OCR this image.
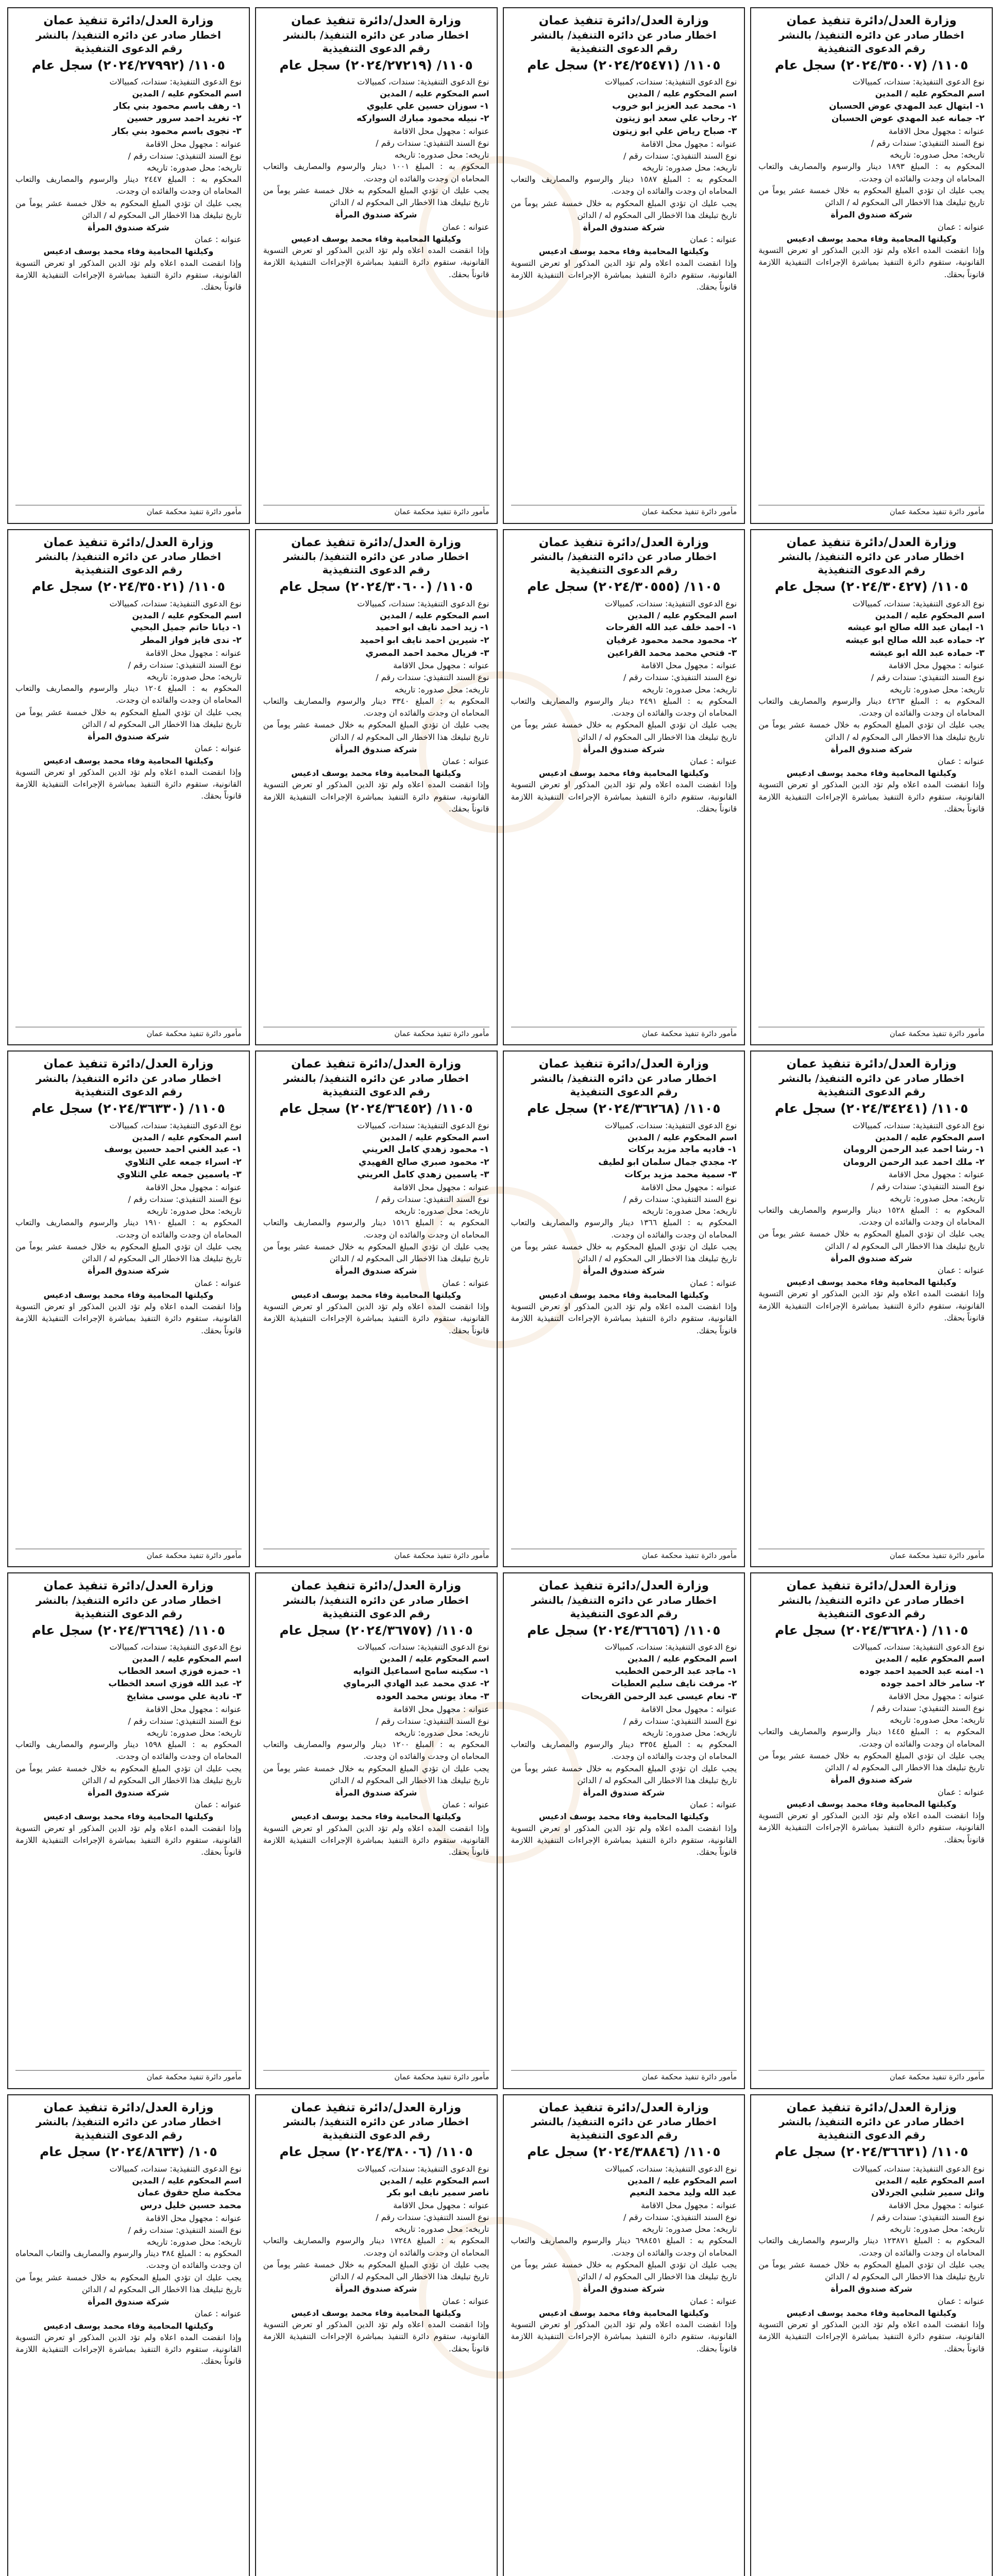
وزارة العدل/دائرة تنفيذ عمان
اخطار صادر عن دائره التنفيذ/ بالنشر
رقم الدعوى التنفيذية
١١٠٥/ (٢٠٢٤/٣٥٠٠٧) سجل عام
نوع الدعوى التنفيذية: سندات، كمبيالات
اسم المحكوم عليه / المدين
١- ابتهال عبد المهدي عوض الحسبان
٢- جمانه عبد المهدي عوض الحسبان
عنوانه : مجهول محل الاقامة
نوع السند التنفيذي: سندات رقم /
تاريخه: محل صدوره: تاريخه
المحكوم به : المبلغ ١٨٩٣ دينار والرسوم والمصاريف والتعاب المحاماه ان وجدت والفائده ان وجدت.
يجب عليك ان تؤدي المبلغ المحكوم به خلال خمسة عشر يوماً من تاريخ تبليغك هذا الاخطار الى المحكوم له / الدائن
شركة صندوق المرأة
عنوانه : عمان
وكيلتها المحامية وفاء محمد يوسف ادعيس
وإذا انقضت المده اعلاه ولم تؤد الدين المذكور او تعرض التسوية القانونية، ستقوم دائرة التنفيذ بمباشرة الإجراءات التنفيذية اللازمة قانوناً بحقك.
مأمور دائرة تنفيذ محكمة عمان
وزارة العدل/دائرة تنفيذ عمان
اخطار صادر عن دائره التنفيذ/ بالنشر
رقم الدعوى التنفيذية
١١٠٥/ (٢٠٢٤/٢٥٤٧١) سجل عام
نوع الدعوى التنفيذية: سندات، كمبيالات
اسم المحكوم عليه / المدين
١- محمد عبد العزيز ابو خروب
٢- رحاب علي سعد ابو زيتون
٣- صباح رياض علي ابو زيتون
عنوانه : مجهول محل الاقامة
نوع السند التنفيذي: سندات رقم /
تاريخه: محل صدوره: تاريخه
المحكوم به : المبلغ ١٥٨٧ دينار والرسوم والمصاريف والتعاب المحاماه ان وجدت والفائده ان وجدت.
يجب عليك ان تؤدي المبلغ المحكوم به خلال خمسة عشر يوماً من تاريخ تبليغك هذا الاخطار الى المحكوم له / الدائن
شركة صندوق المرأة
عنوانه : عمان
وكيلتها المحامية وفاء محمد يوسف ادعيس
وإذا انقضت المده اعلاه ولم تؤد الدين المذكور او تعرض التسوية القانونية، ستقوم دائرة التنفيذ بمباشرة الإجراءات التنفيذية اللازمة قانوناً بحقك.
مأمور دائرة تنفيذ محكمة عمان
وزارة العدل/دائرة تنفيذ عمان
اخطار صادر عن دائره التنفيذ/ بالنشر
رقم الدعوى التنفيذية
١١٠٥/ (٢٠٢٤/٢٧٢١٩) سجل عام
نوع الدعوى التنفيذية: سندات، كمبيالات
اسم المحكوم عليه / المدين
١- سوزان حسين علي عليوي
٢- نبيله محمود مبارك السواركه
عنوانه : مجهول محل الاقامة
نوع السند التنفيذي: سندات رقم /
تاريخه: محل صدوره: تاريخه
المحكوم به : المبلغ ١٠٠١ دينار والرسوم والمصاريف والتعاب المحاماه ان وجدت والفائده ان وجدت.
يجب عليك ان تؤدي المبلغ المحكوم به خلال خمسة عشر يوماً من تاريخ تبليغك هذا الاخطار الى المحكوم له / الدائن
شركة صندوق المرأة
عنوانه : عمان
وكيلتها المحامية وفاء محمد يوسف ادعيس
وإذا انقضت المده اعلاه ولم تؤد الدين المذكور او تعرض التسوية القانونية، ستقوم دائرة التنفيذ بمباشرة الإجراءات التنفيذية اللازمة قانوناً بحقك.
مأمور دائرة تنفيذ محكمة عمان
وزارة العدل/دائرة تنفيذ عمان
اخطار صادر عن دائره التنفيذ/ بالنشر
رقم الدعوى التنفيذية
١١٠٥/ (٢٠٢٤/٢٧٩٩٢) سجل عام
نوع الدعوى التنفيذية: سندات، كمبيالات
اسم المحكوم عليه / المدين
١- رهف باسم محمود بني بكار
٢- تغريد احمد سرور حسين
٣- نجوى باسم محمود بني بكار
عنوانه : مجهول محل الاقامة
نوع السند التنفيذي: سندات رقم /
تاريخه: محل صدوره: تاريخه
المحكوم به : المبلغ ٢٤٤٧ دينار والرسوم والمصاريف والتعاب المحاماه ان وجدت والفائده ان وجدت.
يجب عليك ان تؤدي المبلغ المحكوم به خلال خمسة عشر يوماً من تاريخ تبليغك هذا الاخطار الى المحكوم له / الدائن
شركة صندوق المرأة
عنوانه : عمان
وكيلتها المحامية وفاء محمد يوسف ادعيس
وإذا انقضت المده اعلاه ولم تؤد الدين المذكور او تعرض التسوية القانونية، ستقوم دائرة التنفيذ بمباشرة الإجراءات التنفيذية اللازمة قانوناً بحقك.
مأمور دائرة تنفيذ محكمة عمان
وزارة العدل/دائرة تنفيذ عمان
اخطار صادر عن دائره التنفيذ/ بالنشر
رقم الدعوى التنفيذية
١١٠٥/ (٢٠٢٤/٣٠٤٢٧) سجل عام
نوع الدعوى التنفيذية: سندات، كمبيالات
اسم المحكوم عليه / المدين
١- ايمان عبد الله صالح ابو عيشه
٢- حماده عبد الله صالح ابو عيشه
٣- حماده عبد الله ابو عيشه
عنوانه : مجهول محل الاقامة
نوع السند التنفيذي: سندات رقم /
تاريخه: محل صدوره: تاريخه
المحكوم به : المبلغ ٤٢٦٣ دينار والرسوم والمصاريف والتعاب المحاماه ان وجدت والفائده ان وجدت.
يجب عليك ان تؤدي المبلغ المحكوم به خلال خمسة عشر يوماً من تاريخ تبليغك هذا الاخطار الى المحكوم له / الدائن
شركة صندوق المرأة
عنوانه : عمان
وكيلتها المحامية وفاء محمد يوسف ادعيس
وإذا انقضت المده اعلاه ولم تؤد الدين المذكور او تعرض التسوية القانونية، ستقوم دائرة التنفيذ بمباشرة الإجراءات التنفيذية اللازمة قانوناً بحقك.
مأمور دائرة تنفيذ محكمة عمان
وزارة العدل/دائرة تنفيذ عمان
اخطار صادر عن دائره التنفيذ/ بالنشر
رقم الدعوى التنفيذية
١١٠٥/ (٢٠٢٤/٣٠٥٥٥) سجل عام
نوع الدعوى التنفيذية: سندات، كمبيالات
اسم المحكوم عليه / المدين
١- احمد خلف عبد الله القرحات
٢- محمود محمد محمود غرفيان
٣- فتحي محمد محمد القراعين
عنوانه : مجهول محل الاقامة
نوع السند التنفيذي: سندات رقم /
تاريخه: محل صدوره: تاريخه
المحكوم به : المبلغ ٢٤٩١ دينار والرسوم والمصاريف والتعاب المحاماه ان وجدت والفائده ان وجدت.
يجب عليك ان تؤدي المبلغ المحكوم به خلال خمسة عشر يوماً من تاريخ تبليغك هذا الاخطار الى المحكوم له / الدائن
شركة صندوق المرأة
عنوانه : عمان
وكيلتها المحامية وفاء محمد يوسف ادعيس
وإذا انقضت المده اعلاه ولم تؤد الدين المذكور او تعرض التسوية القانونية، ستقوم دائرة التنفيذ بمباشرة الإجراءات التنفيذية اللازمة قانوناً بحقك.
مأمور دائرة تنفيذ محكمة عمان
وزارة العدل/دائرة تنفيذ عمان
اخطار صادر عن دائره التنفيذ/ بالنشر
رقم الدعوى التنفيذية
١١٠٥/ (٢٠٢٤/٣٠٦٠٠) سجل عام
نوع الدعوى التنفيذية: سندات، كمبيالات
اسم المحكوم عليه / المدين
١- زيد احمد نايف ابو احميد
٢- شيرين احمد نايف ابو احميد
٣- فريال محمد احمد المصري
عنوانه : مجهول محل الاقامة
نوع السند التنفيذي: سندات رقم /
تاريخه: محل صدوره: تاريخه
المحكوم به : المبلغ ٣٣٤٠ دينار والرسوم والمصاريف والتعاب المحاماه ان وجدت والفائده ان وجدت.
يجب عليك ان تؤدي المبلغ المحكوم به خلال خمسة عشر يوماً من تاريخ تبليغك هذا الاخطار الى المحكوم له / الدائن
شركة صندوق المرأة
عنوانه : عمان
وكيلتها المحامية وفاء محمد يوسف ادعيس
وإذا انقضت المده اعلاه ولم تؤد الدين المذكور او تعرض التسوية القانونية، ستقوم دائرة التنفيذ بمباشرة الإجراءات التنفيذية اللازمة قانوناً بحقك.
مأمور دائرة تنفيذ محكمة عمان
وزارة العدل/دائرة تنفيذ عمان
اخطار صادر عن دائره التنفيذ/ بالنشر
رقم الدعوى التنفيذية
١١٠٥/ (٢٠٢٤/٣٥٠٢١) سجل عام
نوع الدعوى التنفيذية: سندات، كمبيالات
اسم المحكوم عليه / المدين
١- ديانا حاتم جميل البحيي
٢- ندى فايز فواز المطر
عنوانه : مجهول محل الاقامة
نوع السند التنفيذي: سندات رقم /
تاريخه: محل صدوره: تاريخه
المحكوم به : المبلغ ١٢٠٤ دينار والرسوم والمصاريف والتعاب المحاماه ان وجدت والفائده ان وجدت.
يجب عليك ان تؤدي المبلغ المحكوم به خلال خمسة عشر يوماً من تاريخ تبليغك هذا الاخطار الى المحكوم له / الدائن
شركة صندوق المرأة
عنوانه : عمان
وكيلتها المحامية وفاء محمد يوسف ادعيس
وإذا انقضت المده اعلاه ولم تؤد الدين المذكور او تعرض التسوية القانونية، ستقوم دائرة التنفيذ بمباشرة الإجراءات التنفيذية اللازمة قانوناً بحقك.
مأمور دائرة تنفيذ محكمة عمان
وزارة العدل/دائرة تنفيذ عمان
اخطار صادر عن دائره التنفيذ/ بالنشر
رقم الدعوى التنفيذية
١١٠٥/ (٢٠٢٤/٣٤٢٤١) سجل عام
نوع الدعوى التنفيذية: سندات، كمبيالات
اسم المحكوم عليه / المدين
١- رشا احمد عبد الرحمن الرومان
٢- ملك احمد عبد الرحمن الرومان
عنوانه : مجهول محل الاقامة
نوع السند التنفيذي: سندات رقم /
تاريخه: محل صدوره: تاريخه
المحكوم به : المبلغ ١٥٢٨ دينار والرسوم والمصاريف والتعاب المحاماه ان وجدت والفائده ان وجدت.
يجب عليك ان تؤدي المبلغ المحكوم به خلال خمسة عشر يوماً من تاريخ تبليغك هذا الاخطار الى المحكوم له / الدائن
شركة صندوق المرأة
عنوانه : عمان
وكيلتها المحامية وفاء محمد يوسف ادعيس
وإذا انقضت المده اعلاه ولم تؤد الدين المذكور او تعرض التسوية القانونية، ستقوم دائرة التنفيذ بمباشرة الإجراءات التنفيذية اللازمة قانوناً بحقك.
مأمور دائرة تنفيذ محكمة عمان
وزارة العدل/دائرة تنفيذ عمان
اخطار صادر عن دائره التنفيذ/ بالنشر
رقم الدعوى التنفيذية
١١٠٥/ (٢٠٢٤/٣٦٢٦٨) سجل عام
نوع الدعوى التنفيذية: سندات، كمبيالات
اسم المحكوم عليه / المدين
١- فاديه ماجد مزيد بركات
٢- مجدي جمال سلمان ابو لطيف
٣- سمية محمد مزيد بركات
عنوانه : مجهول محل الاقامة
نوع السند التنفيذي: سندات رقم /
تاريخه: محل صدوره: تاريخه
المحكوم به : المبلغ ١٣٦٦ دينار والرسوم والمصاريف والتعاب المحاماه ان وجدت والفائده ان وجدت.
يجب عليك ان تؤدي المبلغ المحكوم به خلال خمسة عشر يوماً من تاريخ تبليغك هذا الاخطار الى المحكوم له / الدائن
شركة صندوق المرأة
عنوانه : عمان
وكيلتها المحامية وفاء محمد يوسف ادعيس
وإذا انقضت المده اعلاه ولم تؤد الدين المذكور او تعرض التسوية القانونية، ستقوم دائرة التنفيذ بمباشرة الإجراءات التنفيذية اللازمة قانوناً بحقك.
مأمور دائرة تنفيذ محكمة عمان
وزارة العدل/دائرة تنفيذ عمان
اخطار صادر عن دائره التنفيذ/ بالنشر
رقم الدعوى التنفيذية
١١٠٥/ (٢٠٢٤/٣٦٤٥٢) سجل عام
نوع الدعوى التنفيذية: سندات، كمبيالات
اسم المحكوم عليه / المدين
١- محمود زهدي كامل العريني
٢- محمود صبري صالح الفهيدي
٣- ياسمين زهدي كامل العريني
عنوانه : مجهول محل الاقامة
نوع السند التنفيذي: سندات رقم /
تاريخه: محل صدوره: تاريخه
المحكوم به : المبلغ ١٥١٦ دينار والرسوم والمصاريف والتعاب المحاماه ان وجدت والفائده ان وجدت.
يجب عليك ان تؤدي المبلغ المحكوم به خلال خمسة عشر يوماً من تاريخ تبليغك هذا الاخطار الى المحكوم له / الدائن
شركة صندوق المرأة
عنوانه : عمان
وكيلتها المحامية وفاء محمد يوسف ادعيس
وإذا انقضت المده اعلاه ولم تؤد الدين المذكور او تعرض التسوية القانونية، ستقوم دائرة التنفيذ بمباشرة الإجراءات التنفيذية اللازمة قانوناً بحقك.
مأمور دائرة تنفيذ محكمة عمان
وزارة العدل/دائرة تنفيذ عمان
اخطار صادر عن دائره التنفيذ/ بالنشر
رقم الدعوى التنفيذية
١١٠٥/ (٢٠٢٤/٣٦٣٣٠) سجل عام
نوع الدعوى التنفيذية: سندات، كمبيالات
اسم المحكوم عليه / المدين
١- عبد الغني احمد حسين يوسف
٢- اسراء جمعه علي الثلاوي
٣- ياسمين جمعه علي الثلاوي
عنوانه : مجهول محل الاقامة
نوع السند التنفيذي: سندات رقم /
تاريخه: محل صدوره: تاريخه
المحكوم به : المبلغ ١٩١٠ دينار والرسوم والمصاريف والتعاب المحاماه ان وجدت والفائده ان وجدت.
يجب عليك ان تؤدي المبلغ المحكوم به خلال خمسة عشر يوماً من تاريخ تبليغك هذا الاخطار الى المحكوم له / الدائن
شركة صندوق المرأة
عنوانه : عمان
وكيلتها المحامية وفاء محمد يوسف ادعيس
وإذا انقضت المده اعلاه ولم تؤد الدين المذكور او تعرض التسوية القانونية، ستقوم دائرة التنفيذ بمباشرة الإجراءات التنفيذية اللازمة قانوناً بحقك.
مأمور دائرة تنفيذ محكمة عمان
وزارة العدل/دائرة تنفيذ عمان
اخطار صادر عن دائره التنفيذ/ بالنشر
رقم الدعوى التنفيذية
١١٠٥/ (٢٠٢٤/٣٦٢٨٠) سجل عام
نوع الدعوى التنفيذية: سندات، كمبيالات
اسم المحكوم عليه / المدين
١- امنه عبد الحميد احمد جوده
٢- سامر خالد احمد جوده
عنوانه : مجهول محل الاقامة
نوع السند التنفيذي: سندات رقم /
تاريخه: محل صدوره: تاريخه
المحكوم به : المبلغ ١٤٤٥ دينار والرسوم والمصاريف والتعاب المحاماه ان وجدت والفائده ان وجدت.
يجب عليك ان تؤدي المبلغ المحكوم به خلال خمسة عشر يوماً من تاريخ تبليغك هذا الاخطار الى المحكوم له / الدائن
شركة صندوق المرأة
عنوانه : عمان
وكيلتها المحامية وفاء محمد يوسف ادعيس
وإذا انقضت المده اعلاه ولم تؤد الدين المذكور او تعرض التسوية القانونية، ستقوم دائرة التنفيذ بمباشرة الإجراءات التنفيذية اللازمة قانوناً بحقك.
مأمور دائرة تنفيذ محكمة عمان
وزارة العدل/دائرة تنفيذ عمان
اخطار صادر عن دائره التنفيذ/ بالنشر
رقم الدعوى التنفيذية
١١٠٥/ (٢٠٢٤/٣٦٦٥٦) سجل عام
نوع الدعوى التنفيذية: سندات، كمبيالات
اسم المحكوم عليه / المدين
١- ماجد عبد الرحمن الخطيب
٢- مرفت نايف سليم العطيات
٣- نعام عيسى عبد الرحمن القريحات
عنوانه : مجهول محل الاقامة
نوع السند التنفيذي: سندات رقم /
تاريخه: محل صدوره: تاريخه
المحكوم به : المبلغ ٣٣٥٤ دينار والرسوم والمصاريف والتعاب المحاماه ان وجدت والفائده ان وجدت.
يجب عليك ان تؤدي المبلغ المحكوم به خلال خمسة عشر يوماً من تاريخ تبليغك هذا الاخطار الى المحكوم له / الدائن
شركة صندوق المرأة
عنوانه : عمان
وكيلتها المحامية وفاء محمد يوسف ادعيس
وإذا انقضت المده اعلاه ولم تؤد الدين المذكور او تعرض التسوية القانونية، ستقوم دائرة التنفيذ بمباشرة الإجراءات التنفيذية اللازمة قانوناً بحقك.
مأمور دائرة تنفيذ محكمة عمان
وزارة العدل/دائرة تنفيذ عمان
اخطار صادر عن دائره التنفيذ/ بالنشر
رقم الدعوى التنفيذية
١١٠٥/ (٢٠٢٤/٣٦٧٥٧) سجل عام
نوع الدعوى التنفيذية: سندات، كمبيالات
اسم المحكوم عليه / المدين
١- سكينه سامح اسماعيل التوايه
٢- عدي محمد عبد الهادي البرماوي
٣- معاذ يونس محمد العوده
عنوانه : مجهول محل الاقامة
نوع السند التنفيذي: سندات رقم /
تاريخه: محل صدوره: تاريخه
المحكوم به : المبلغ ١٢٠٠ دينار والرسوم والمصاريف والتعاب المحاماه ان وجدت والفائده ان وجدت.
يجب عليك ان تؤدي المبلغ المحكوم به خلال خمسة عشر يوماً من تاريخ تبليغك هذا الاخطار الى المحكوم له / الدائن
شركة صندوق المرأة
عنوانه : عمان
وكيلتها المحامية وفاء محمد يوسف ادعيس
وإذا انقضت المده اعلاه ولم تؤد الدين المذكور او تعرض التسوية القانونية، ستقوم دائرة التنفيذ بمباشرة الإجراءات التنفيذية اللازمة قانوناً بحقك.
مأمور دائرة تنفيذ محكمة عمان
وزارة العدل/دائرة تنفيذ عمان
اخطار صادر عن دائره التنفيذ/ بالنشر
رقم الدعوى التنفيذية
١١٠٥/ (٢٠٢٤/٣٦٦٩٤) سجل عام
نوع الدعوى التنفيذية: سندات، كمبيالات
اسم المحكوم عليه / المدين
١- حمزه فوزي اسعد الخطاب
٢- عبد الله فوزي اسعد الخطاب
٣- نادية علي موسى مشايخ
عنوانه : مجهول محل الاقامة
نوع السند التنفيذي: سندات رقم /
تاريخه: محل صدوره: تاريخه
المحكوم به : المبلغ ١٥٩٨ دينار والرسوم والمصاريف والتعاب المحاماه ان وجدت والفائده ان وجدت.
يجب عليك ان تؤدي المبلغ المحكوم به خلال خمسة عشر يوماً من تاريخ تبليغك هذا الاخطار الى المحكوم له / الدائن
شركة صندوق المرأة
عنوانه : عمان
وكيلتها المحامية وفاء محمد يوسف ادعيس
وإذا انقضت المده اعلاه ولم تؤد الدين المذكور او تعرض التسوية القانونية، ستقوم دائرة التنفيذ بمباشرة الإجراءات التنفيذية اللازمة قانوناً بحقك.
مأمور دائرة تنفيذ محكمة عمان
وزارة العدل/دائرة تنفيذ عمان
اخطار صادر عن دائره التنفيذ/ بالنشر
رقم الدعوى التنفيذية
١١٠٥/ (٢٠٢٤/٣٦٦٣١) سجل عام
نوع الدعوى التنفيذية: سندات، كمبيالات
اسم المحكوم عليه / المدين
واثل سمير شلبي الجردلان
عنوانه : مجهول محل الاقامة
نوع السند التنفيذي: سندات رقم /
تاريخه: محل صدوره: تاريخه
المحكوم به : المبلغ ١٢٣٨٧١ دينار والرسوم والمصاريف والتعاب المحاماه ان وجدت والفائده ان وجدت.
يجب عليك ان تؤدي المبلغ المحكوم به خلال خمسة عشر يوماً من تاريخ تبليغك هذا الاخطار الى المحكوم له / الدائن
شركة صندوق المرأة
عنوانه : عمان
وكيلتها المحامية وفاء محمد يوسف ادعيس
وإذا انقضت المده اعلاه ولم تؤد الدين المذكور او تعرض التسوية القانونية، ستقوم دائرة التنفيذ بمباشرة الإجراءات التنفيذية اللازمة قانوناً بحقك.
وزارة العدل/دائرة تنفيذ عمان
اخطار صادر عن دائره التنفيذ/ بالنشر
رقم الدعوى التنفيذية
١١٠٥/ (٢٠٢٤/٣٨٨٤٦) سجل عام
نوع الدعوى التنفيذية: سندات، كمبيالات
اسم المحكوم عليه / المدين
عبد الله وليد محمد النعيم
عنوانه : مجهول محل الاقامة
نوع السند التنفيذي: سندات رقم /
تاريخه: محل صدوره: تاريخه
المحكوم به : المبلغ ٦٩٨٤٥١ دينار والرسوم والمصاريف والتعاب المحاماه ان وجدت والفائده ان وجدت.
يجب عليك ان تؤدي المبلغ المحكوم به خلال خمسة عشر يوماً من تاريخ تبليغك هذا الاخطار الى المحكوم له / الدائن
شركة صندوق المرأة
عنوانه : عمان
وكيلتها المحامية وفاء محمد يوسف ادعيس
وإذا انقضت المده اعلاه ولم تؤد الدين المذكور او تعرض التسوية القانونية، ستقوم دائرة التنفيذ بمباشرة الإجراءات التنفيذية اللازمة قانوناً بحقك.
وزارة العدل/دائرة تنفيذ عمان
اخطار صادر عن دائره التنفيذ/ بالنشر
رقم الدعوى التنفيذية
١١٠٥/ (٢٠٢٤/٣٨٠٠٦) سجل عام
نوع الدعوى التنفيذية: سندات، كمبيالات
اسم المحكوم عليه / المدين
ناصر سمير نايف ابو بكر
عنوانه : مجهول محل الاقامة
نوع السند التنفيذي: سندات رقم /
تاريخه: محل صدوره: تاريخه
المحكوم به : المبلغ ١٧٢٤٨ دينار والرسوم والمصاريف والتعاب المحاماه ان وجدت والفائده ان وجدت.
يجب عليك ان تؤدي المبلغ المحكوم به خلال خمسة عشر يوماً من تاريخ تبليغك هذا الاخطار الى المحكوم له / الدائن
شركة صندوق المرأة
عنوانه : عمان
وكيلتها المحامية وفاء محمد يوسف ادعيس
وإذا انقضت المده اعلاه ولم تؤد الدين المذكور او تعرض التسوية القانونية، ستقوم دائرة التنفيذ بمباشرة الإجراءات التنفيذية اللازمة قانوناً بحقك.
وزارة العدل/دائرة تنفيذ عمان
اخطار صادر عن دائره التنفيذ/ بالنشر
رقم الدعوى التنفيذية
١٠٥/ (٢٠٢٤/٨٦٣٣) سجل عام
نوع الدعوى التنفيذية: سندات، كمبيالات
اسم المحكوم عليه / المدين
محكمة صلح حقوق عمان
محمد حسين خليل درس
عنوانه : مجهول محل الاقامة
نوع السند التنفيذي: سندات رقم /
تاريخه: محل صدوره: تاريخه
المحكوم به : المبلغ ٣٨٤ دينار والرسوم والمصاريف والتعاب المحاماه ان وجدت والفائده ان وجدت.
يجب عليك ان تؤدي المبلغ المحكوم به خلال خمسة عشر يوماً من تاريخ تبليغك هذا الاخطار الى المحكوم له / الدائن
شركة صندوق المرأة
عنوانه : عمان
وكيلتها المحامية وفاء محمد يوسف ادعيس
وإذا انقضت المده اعلاه ولم تؤد الدين المذكور او تعرض التسوية القانونية، ستقوم دائرة التنفيذ بمباشرة الإجراءات التنفيذية اللازمة قانوناً بحقك.
